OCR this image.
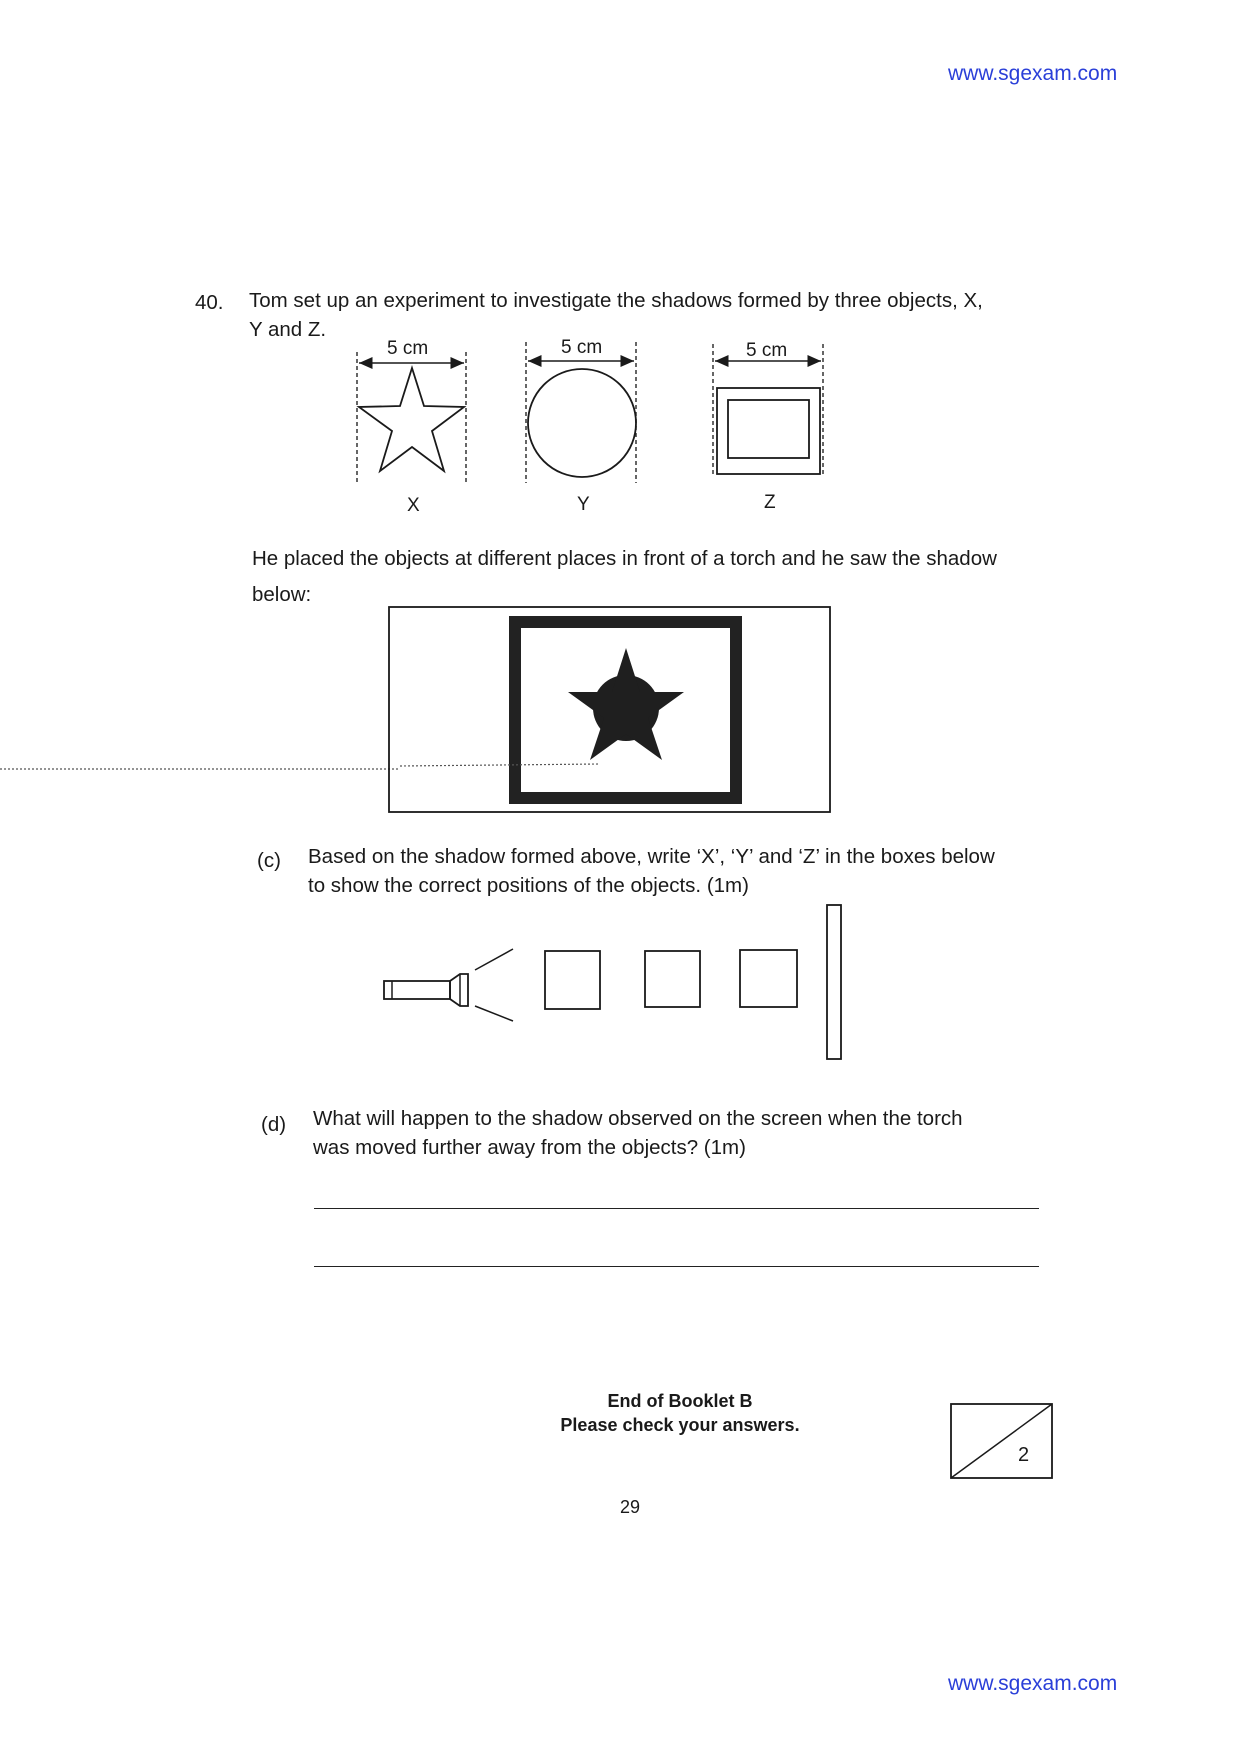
www.sgexam.com
40. Tom set up an experiment to investigate the shadows formed by three objects, X,
Y and Z.
5 cm	5 cm	5 cm
X	Y	Z
He placed the objects at different places in front of a torch and he saw the shadow
below:
(c) Based on the shadow formed above, write ‘X’, ‘Y’ and ‘Z’ in the boxes below
to show the correct positions of the objects. (1m)
(d) What will happen to the shadow observed on the screen when the torch
was moved further away from the objects? (1m)
End of Booklet B
Please check your answers.
2
29
www.sgexam.com
